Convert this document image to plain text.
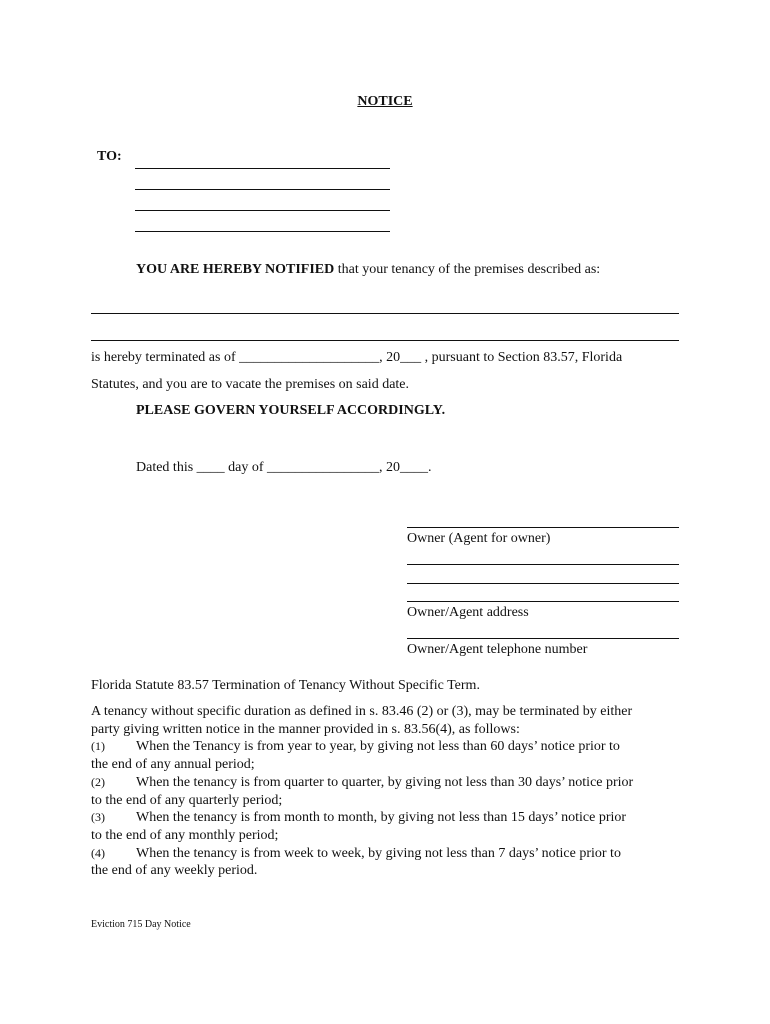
NOTICE
TO:
YOU ARE HEREBY NOTIFIED that your tenancy of the premises described as:
is hereby terminated as of ____________________, 20___ , pursuant to Section 83.57, Florida
Statutes, and you are to vacate the premises on said date.
PLEASE GOVERN YOURSELF ACCORDINGLY.
Dated this ____ day of ________________, 20____.
Owner (Agent for owner)
Owner/Agent address
Owner/Agent telephone number
Florida Statute 83.57 Termination of Tenancy Without Specific Term.
A tenancy without specific duration as defined in s. 83.46 (2) or (3), may be terminated by either
party giving written notice in the manner provided in s. 83.56(4), as follows:
(1) When the Tenancy is from year to year, by giving not less than 60 days’ notice prior to
the end of any annual period;
(2) When the tenancy is from quarter to quarter, by giving not less than 30 days’ notice prior
to the end of any quarterly period;
(3) When the tenancy is from month to month, by giving not less than 15 days’ notice prior
to the end of any monthly period;
(4) When the tenancy is from week to week, by giving not less than 7 days’ notice prior to
the end of any weekly period.
Eviction 715 Day Notice
